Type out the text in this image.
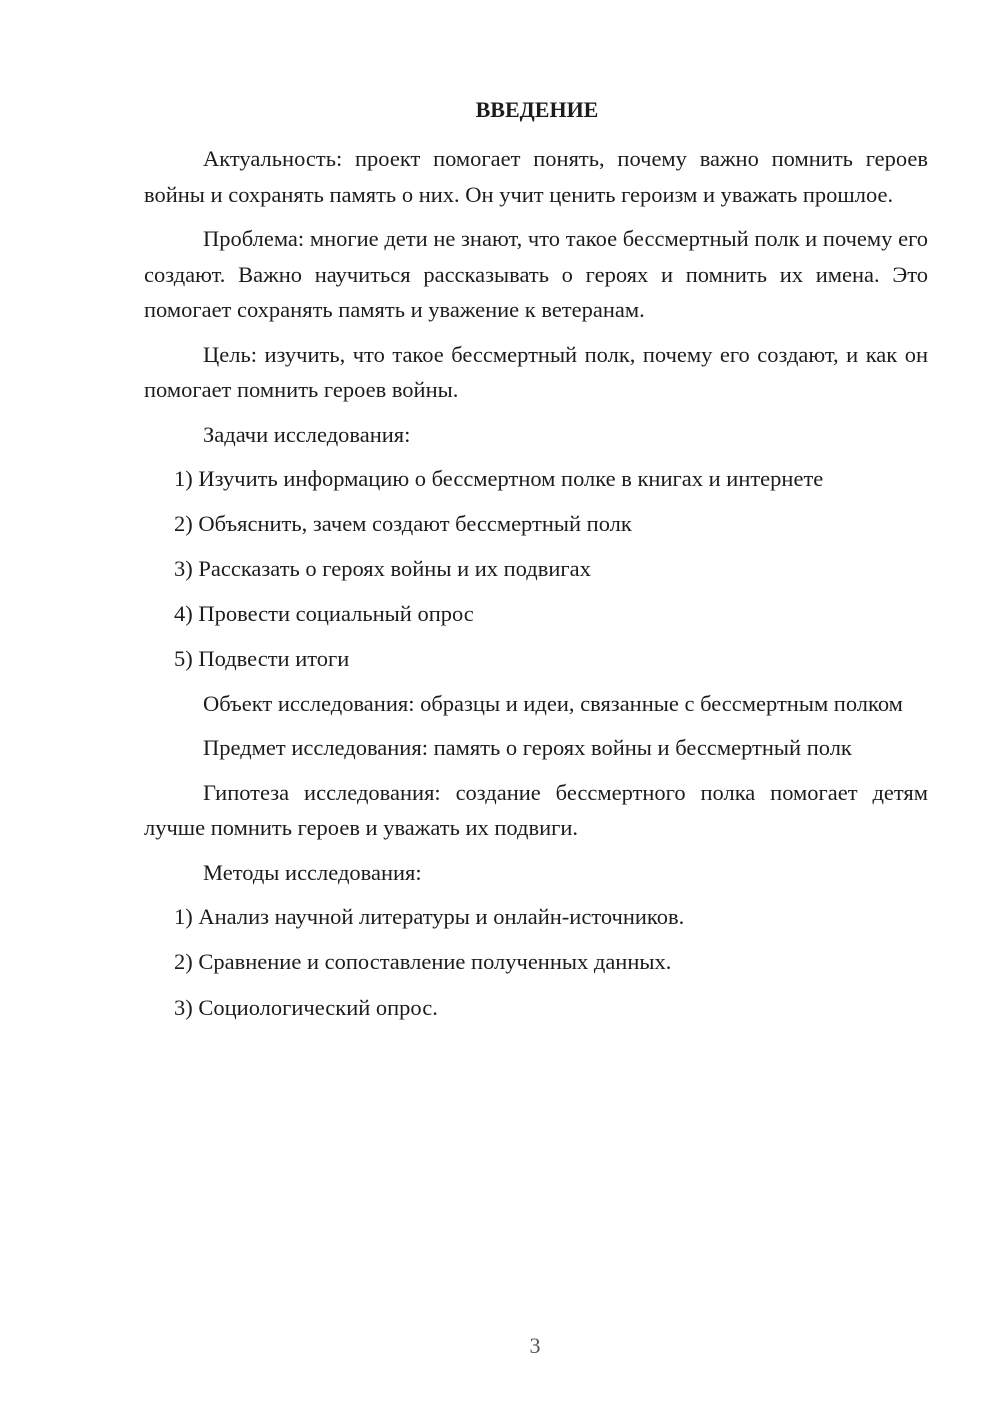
ВВЕДЕНИЕ

Актуальность: проект помогает понять, почему важно помнить героев войны и сохранять память о них. Он учит ценить героизм и уважать прошлое.

Проблема: многие дети не знают, что такое бессмертный полк и почему его создают. Важно научиться рассказывать о героях и помнить их имена. Это помогает сохранять память и уважение к ветеранам.

Цель: изучить, что такое бессмертный полк, почему его создают, и как он помогает помнить героев войны.

Задачи исследования:

1) Изучить информацию о бессмертном полке в книгах и интернете
2) Объяснить, зачем создают бессмертный полк
3) Рассказать о героях войны и их подвигах
4) Провести социальный опрос
5) Подвести итоги

Объект исследования: образцы и идеи, связанные с бессмертным полком

Предмет исследования: память о героях войны и бессмертный полк

Гипотеза исследования: создание бессмертного полка помогает детям лучше помнить героев и уважать их подвиги.

Методы исследования:

1) Анализ научной литературы и онлайн-источников.
2) Сравнение и сопоставление полученных данных.
3) Социологический опрос.
3
